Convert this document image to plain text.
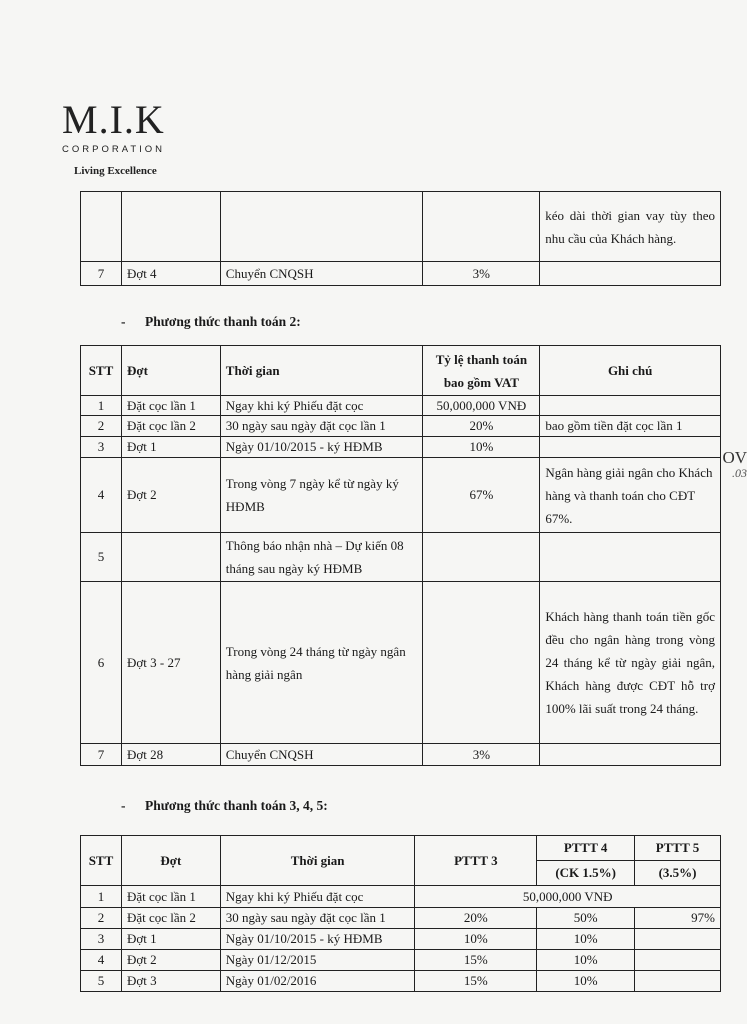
M.I.K
CORPORATION
Living Excellence
OV
.03
				kéo dài thời gian vay tùy theo nhu cầu của Khách hàng.
7	Đợt 4	Chuyển CNQSH	3%	
- Phương thức thanh toán 2:
STT	Đợt	Thời gian	Tỷ lệ thanh toán bao gồm VAT	Ghi chú
1	Đặt cọc lần 1	Ngay khi ký Phiếu đặt cọc	50,000,000 VNĐ	
2	Đặt cọc lần 2	30 ngày sau ngày đặt cọc lần 1	20%	bao gồm tiền đặt cọc lần 1
3	Đợt 1	Ngày 01/10/2015 - ký HĐMB	10%	
4	Đợt 2	Trong vòng 7 ngày kể từ ngày ký HĐMB	67%	Ngân hàng giải ngân cho Khách hàng và thanh toán cho CĐT 67%.
5		Thông báo nhận nhà – Dự kiến 08 tháng sau ngày ký HĐMB		
6	Đợt 3 - 27	Trong vòng 24 tháng từ ngày ngân hàng giải ngân		Khách hàng thanh toán tiền gốc đều cho ngân hàng trong vòng 24 tháng kể từ ngày giải ngân, Khách hàng được CĐT hỗ trợ 100% lãi suất trong 24 tháng.
7	Đợt 28	Chuyển CNQSH	3%	
- Phương thức thanh toán 3, 4, 5:
STT	Đợt	Thời gian	PTTT 3	PTTT 4	PTTT 5
				(CK 1.5%)	(3.5%)
1	Đặt cọc lần 1	Ngay khi ký Phiếu đặt cọc	50,000,000 VNĐ		
2	Đặt cọc lần 2	30 ngày sau ngày đặt cọc lần 1	20%	50%	97%
3	Đợt 1	Ngày 01/10/2015 - ký HĐMB	10%	10%	
4	Đợt 2	Ngày 01/12/2015	15%	10%	
5	Đợt 3	Ngày 01/02/2016	15%	10%	
